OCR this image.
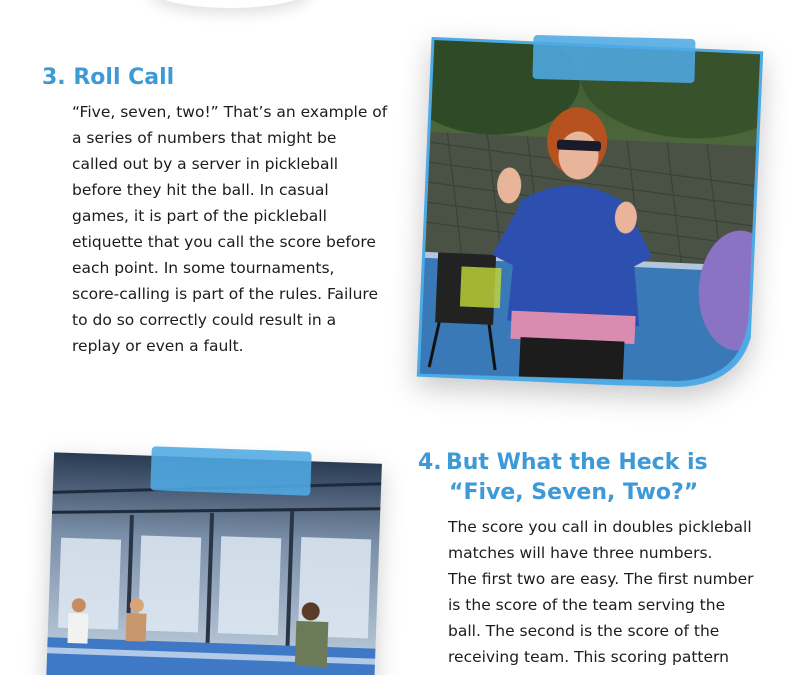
3. Roll Call
“Five, seven, two!” That’s an example of
a series of numbers that might be
called out by a server in pickleball
before they hit the ball. In casual
games, it is part of the pickleball
etiquette that you call the score before
each point. In some tournaments,
score-calling is part of the rules. Failure
to do so correctly could result in a
replay or even a fault.
4. But What the Heck is
“Five, Seven, Two?”
The score you call in doubles pickleball
matches will have three numbers.
The first two are easy. The first number
is the score of the team serving the
ball. The second is the score of the
receiving team. This scoring pattern
